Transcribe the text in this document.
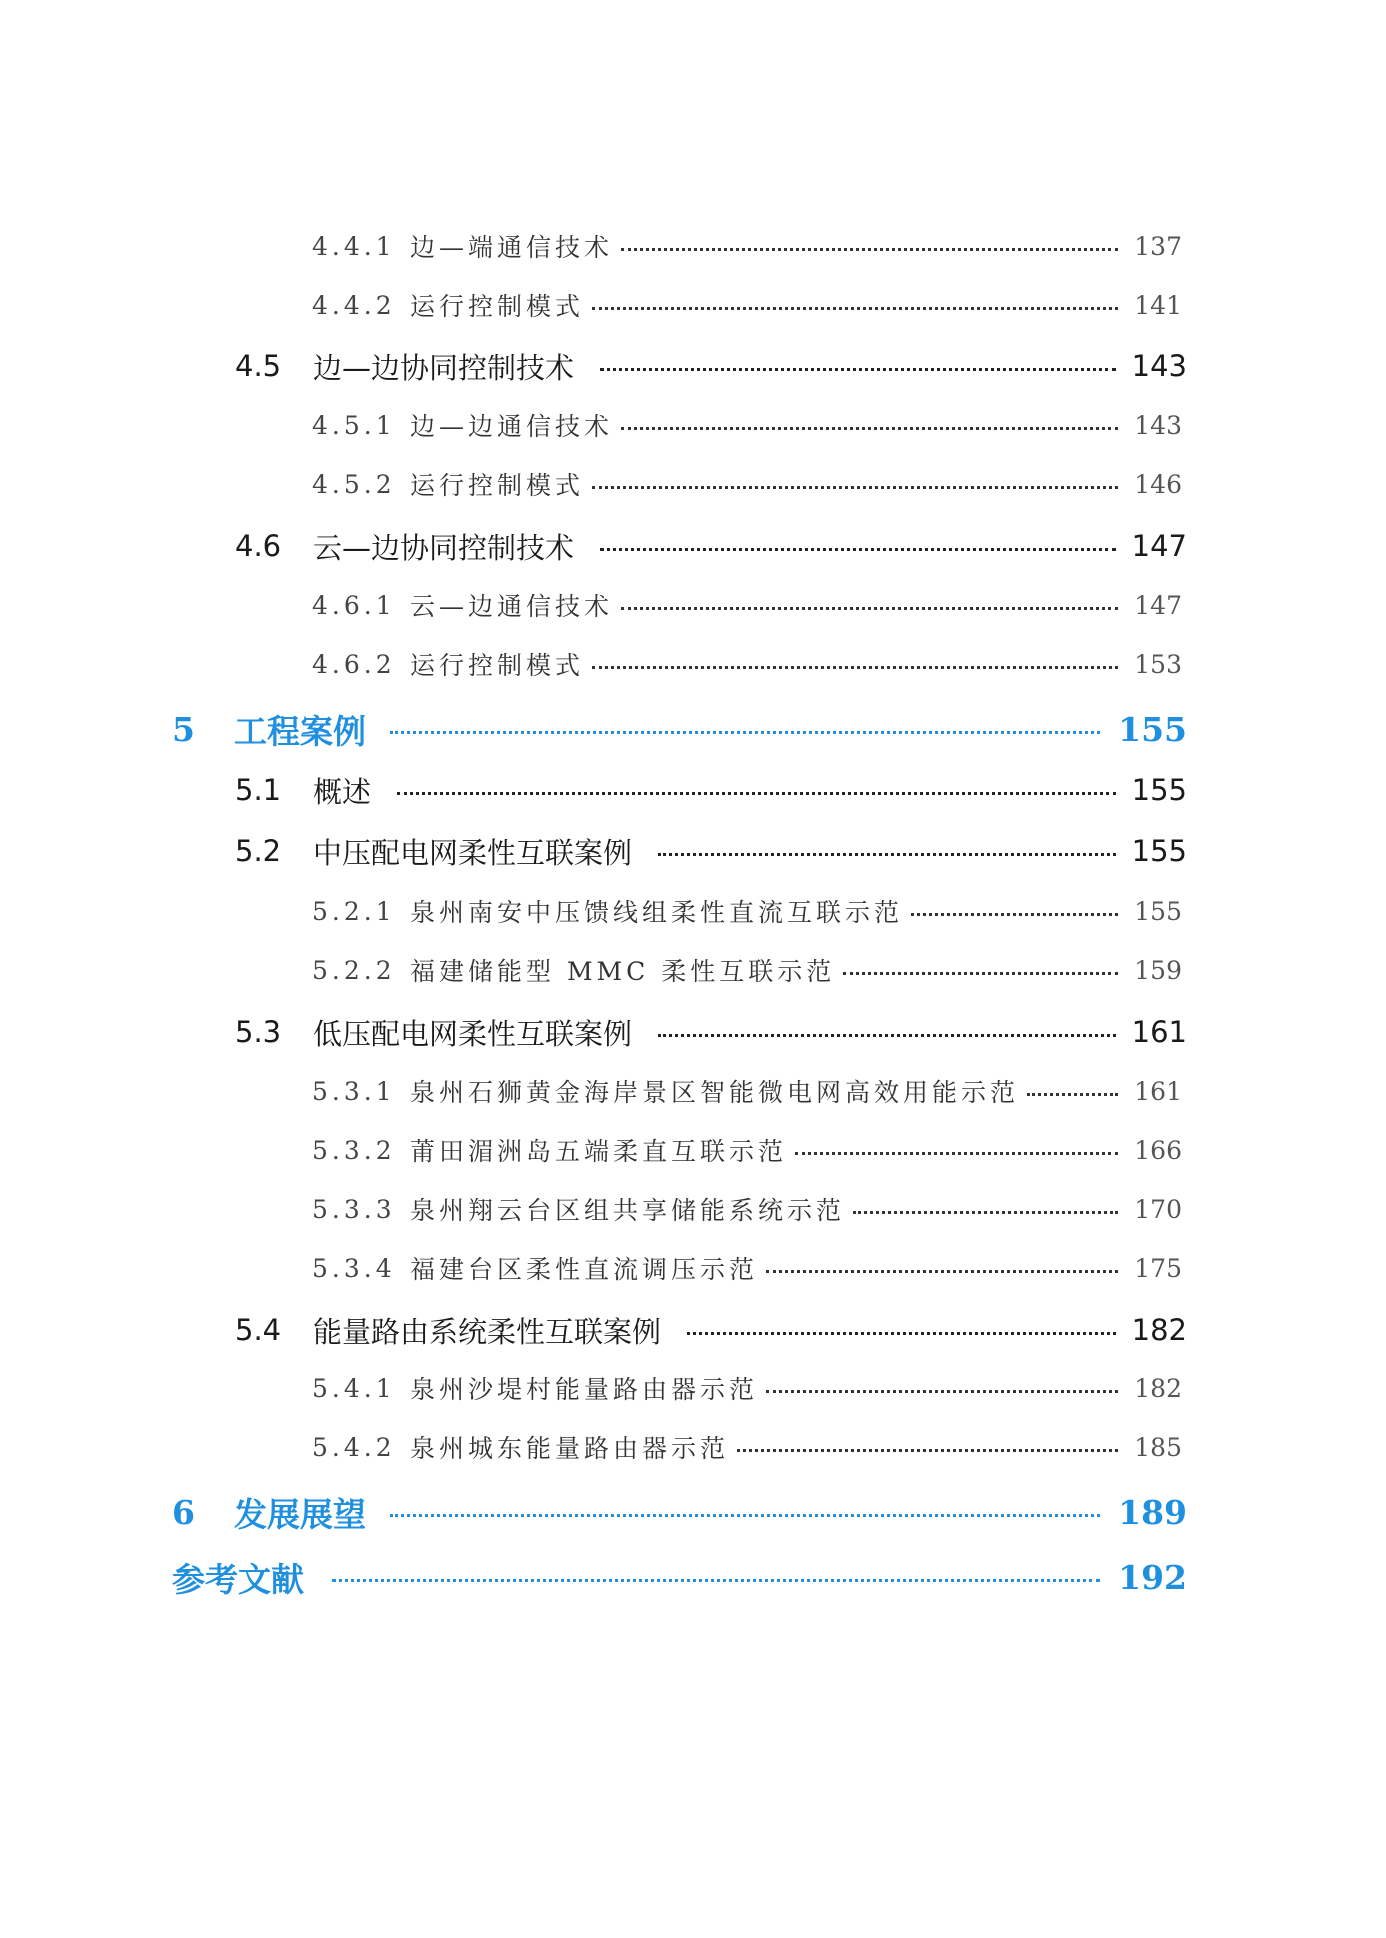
4.4.1 边—端通信技术	137
4.4.2 运行控制模式	141
4.5	边—边协同控制技术	143
4.5.1 边—边通信技术	143
4.5.2 运行控制模式	146
4.6	云—边协同控制技术	147
4.6.1 云—边通信技术	147
4.6.2 运行控制模式	153
5	工程案例	155
5.1	概述	155
5.2	中压配电网柔性互联案例	155
5.2.1 泉州南安中压馈线组柔性直流互联示范	155
5.2.2 福建储能型 MMC 柔性互联示范	159
5.3	低压配电网柔性互联案例	161
5.3.1 泉州石狮黄金海岸景区智能微电网高效用能示范	161
5.3.2 莆田湄洲岛五端柔直互联示范	166
5.3.3 泉州翔云台区组共享储能系统示范	170
5.3.4 福建台区柔性直流调压示范	175
5.4	能量路由系统柔性互联案例	182
5.4.1 泉州沙堤村能量路由器示范	182
5.4.2 泉州城东能量路由器示范	185
6	发展展望	189
参考文献	192
